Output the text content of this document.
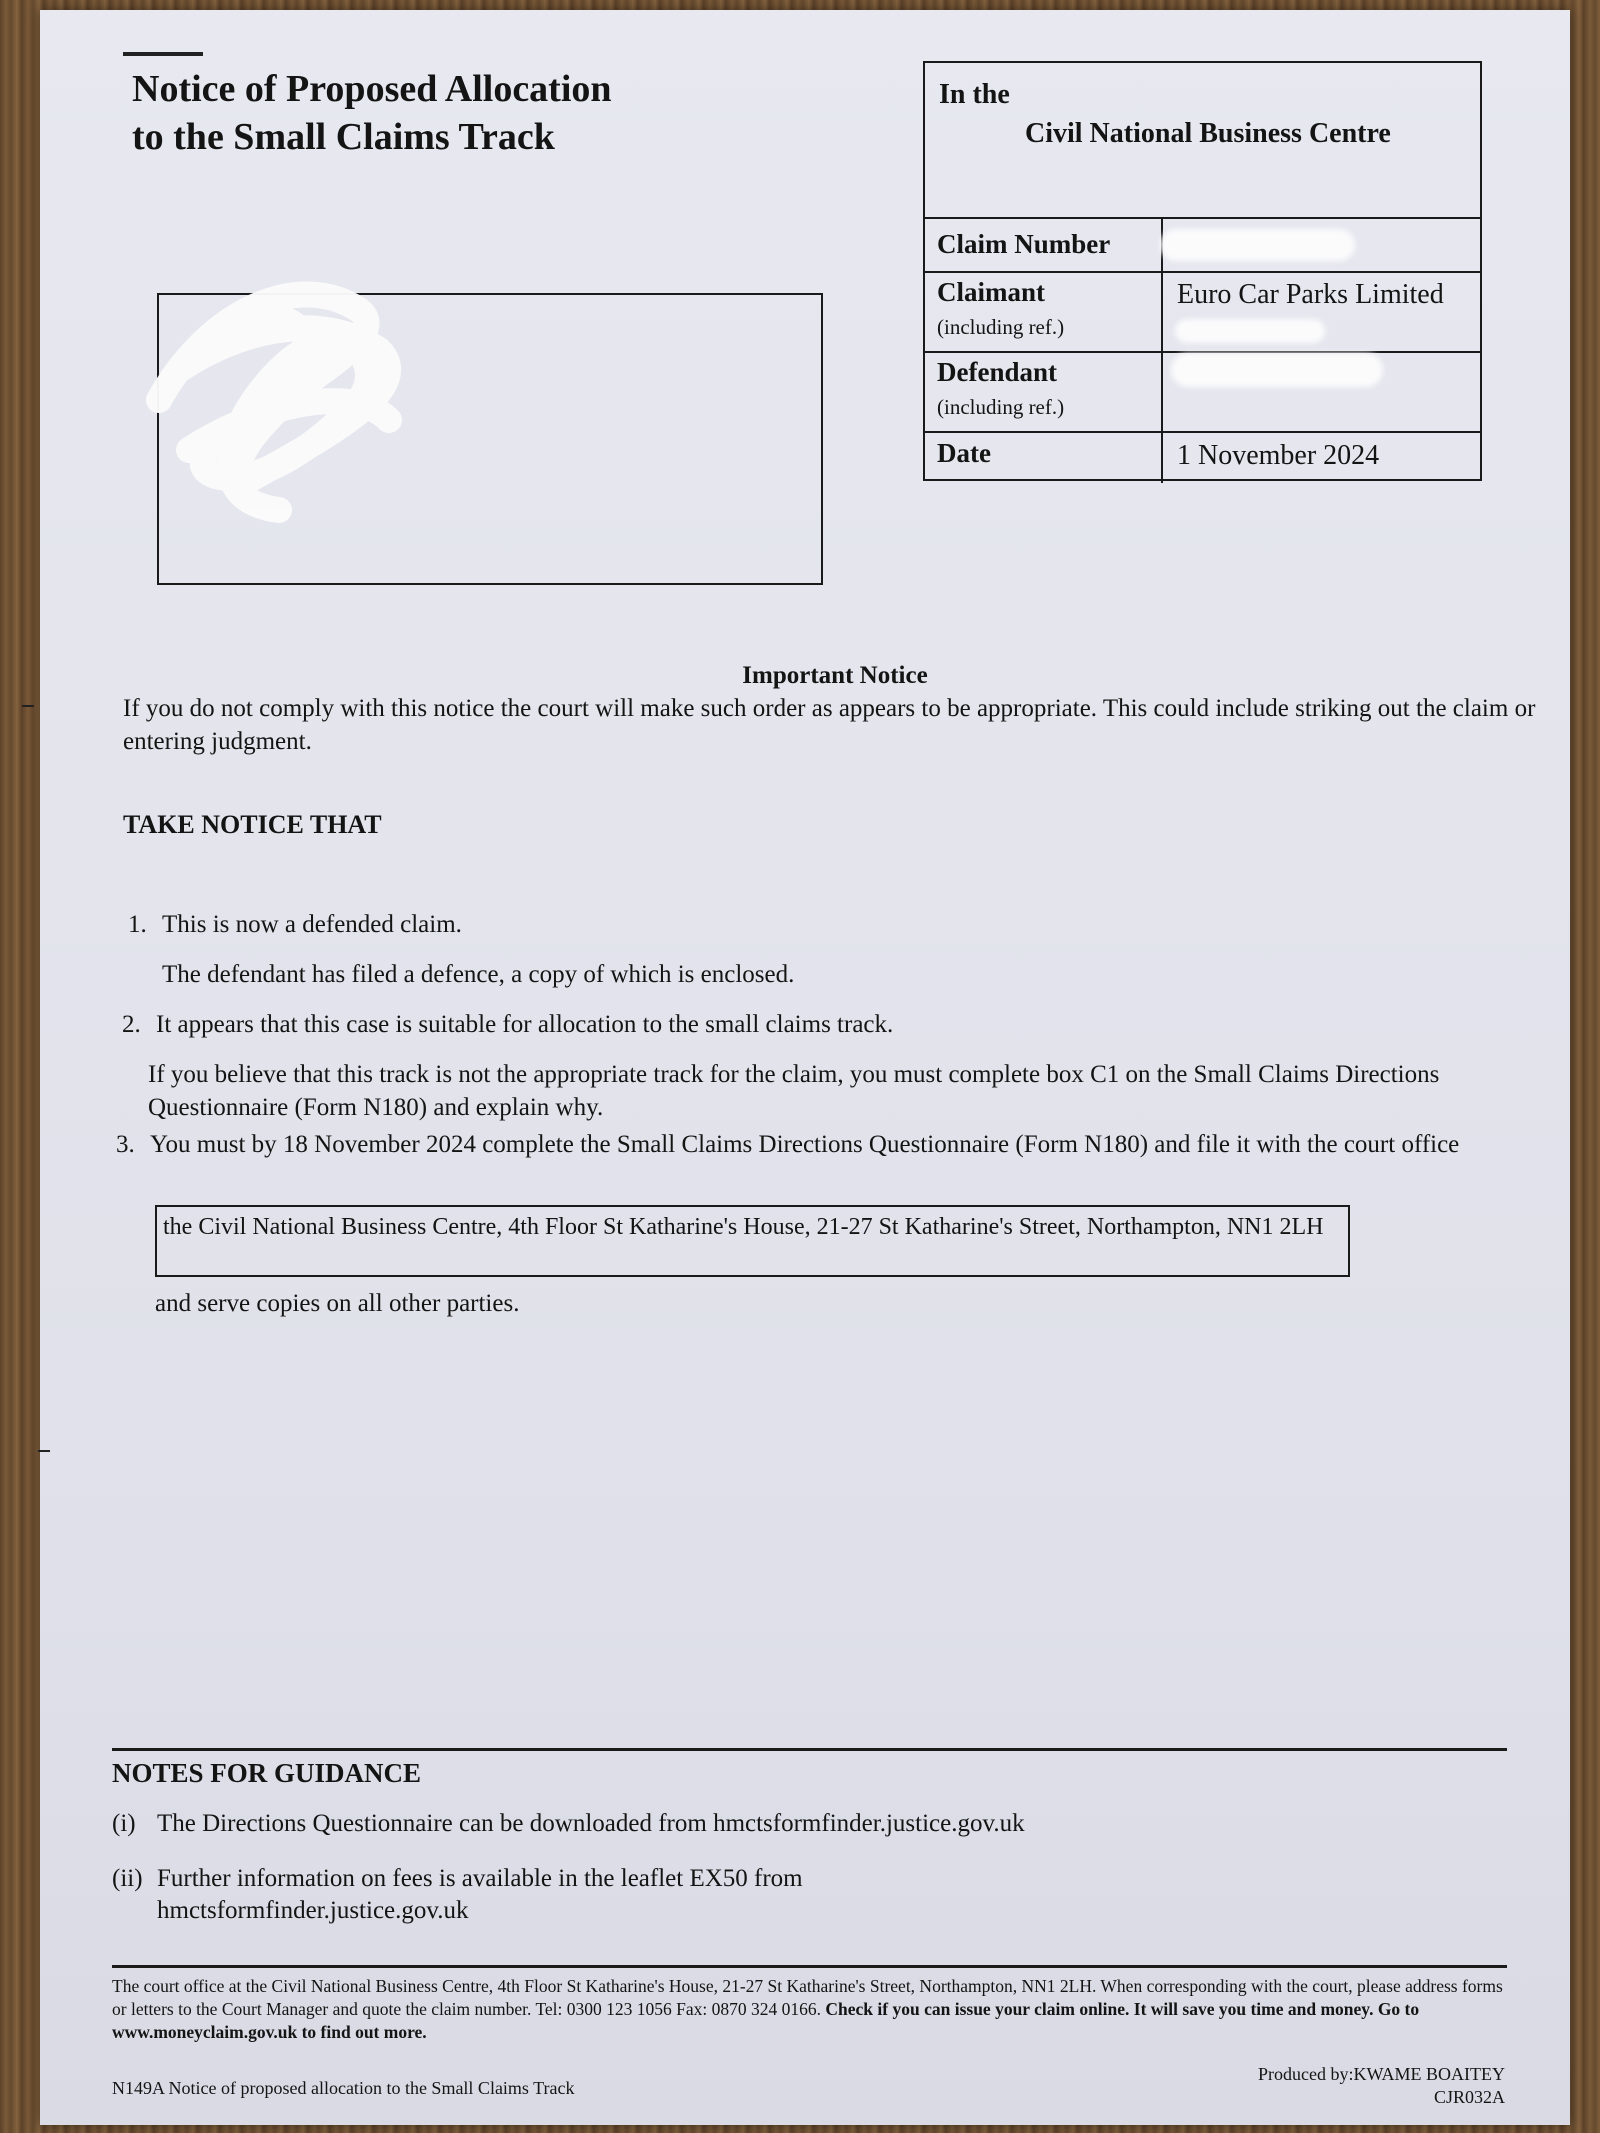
Notice of Proposed Allocation
to the Small Claims Track
In the
Civil National Business Centre
Claim Number
Claimant
(including ref.)
Euro Car Parks Limited
Defendant
(including ref.)
Date	1 November 2024
Important Notice
If you do not comply with this notice the court will make such order as appears to be appropriate. This could include striking out the claim or entering judgment.
TAKE NOTICE THAT
1. This is now a defended claim.
The defendant has filed a defence, a copy of which is enclosed.
2. It appears that this case is suitable for allocation to the small claims track.
If you believe that this track is not the appropriate track for the claim, you must complete box C1 on the Small Claims Directions Questionnaire (Form N180) and explain why.
3. You must by 18 November 2024 complete the Small Claims Directions Questionnaire (Form N180) and file it with the court office
the Civil National Business Centre, 4th Floor St Katharine's House, 21-27 St Katharine's Street, Northampton, NN1 2LH
and serve copies on all other parties.
NOTES FOR GUIDANCE
(i) The Directions Questionnaire can be downloaded from hmctsformfinder.justice.gov.uk
(ii) Further information on fees is available in the leaflet EX50 from hmctsformfinder.justice.gov.uk
The court office at the Civil National Business Centre, 4th Floor St Katharine's House, 21-27 St Katharine's Street, Northampton, NN1 2LH. When corresponding with the court, please address forms or letters to the Court Manager and quote the claim number. Tel: 0300 123 1056 Fax: 0870 324 0166. Check if you can issue your claim online. It will save you time and money. Go to www.moneyclaim.gov.uk to find out more.
N149A Notice of proposed allocation to the Small Claims Track
Produced by:KWAME BOAITEY
CJR032A
